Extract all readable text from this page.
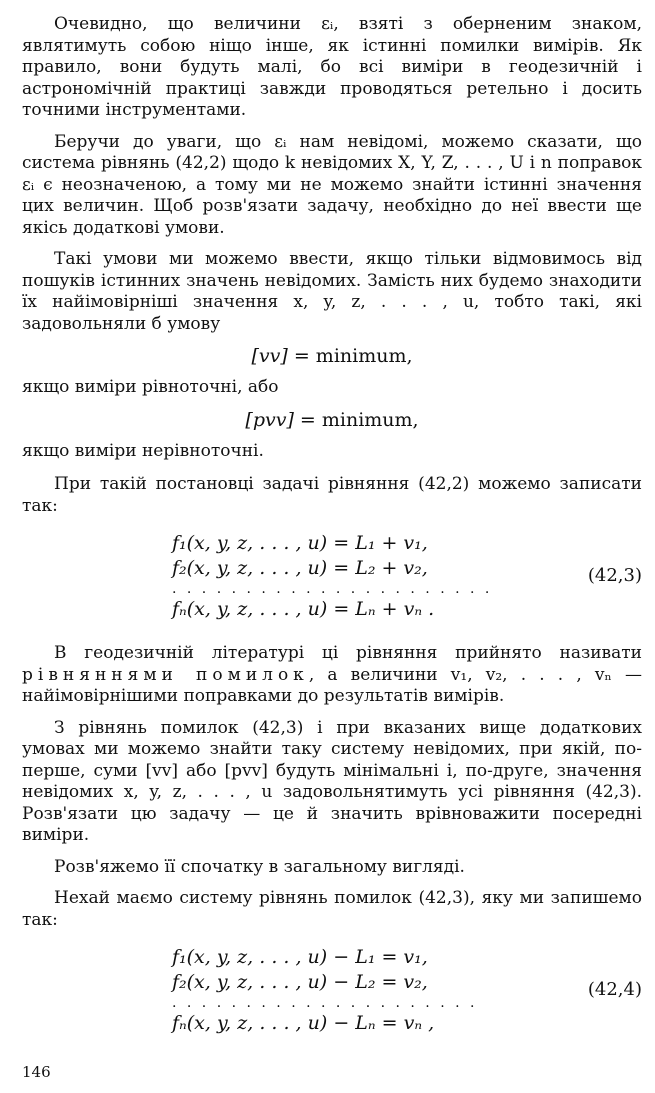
Очевидно, що величини εᵢ, взяті з оберненим знаком, являтимуть собою ніщо інше, як істинні помилки вимірів. Як правило, вони будуть малі, бо всі виміри в геодезичній і астрономічній практиці завжди проводяться ретельно і досить точними інструментами.

Беручи до уваги, що εᵢ нам невідомі, можемо сказати, що система рівнянь (42,2) щодо k невідомих X, Y, Z, . . . , U і n поправок εᵢ є неозначеною, а тому ми не можемо знайти істинні значення цих величин. Щоб розв'язати задачу, необхідно до неї ввести ще якісь додаткові умови.

Такі умови ми можемо ввести, якщо тільки відмовимось від пошуків істинних значень невідомих. Замість них будемо знаходити їх найімовірніші значення x, y, z, . . . , u, тобто такі, які задовольняли б умову

[vv] = minimum,

якщо виміри рівноточні, або

[pvv] = minimum,

якщо виміри нерівноточні.

При такій постановці задачі рівняння (42,2) можемо записати так:

f₁(x, y, z, . . . , u) = L₁ + v₁,
f₂(x, y, z, . . . , u) = L₂ + v₂,
. . . . . . . . . . . . . . . . . . . . . .
fₙ(x, y, z, . . . , u) = Lₙ + vₙ .
(42,3)

В геодезичній літературі ці рівняння прийнято називати рівняннями помилок, а величини v₁, v₂, . . . , vₙ — найімовірнішими поправками до результатів вимірів.

З рівнянь помилок (42,3) і при вказаних вище додаткових умовах ми можемо знайти таку систему невідомих, при якій, по-перше, суми [vv] або [pvv] будуть мінімальні і, по-друге, значення невідомих x, y, z, . . . , u задовольнятимуть усі рівняння (42,3). Розв'язати цю задачу — це й значить врівноважити посередні виміри.

Розв'яжемо її спочатку в загальному вигляді.

Нехай маємо систему рівнянь помилок (42,3), яку ми запишемо так:

f₁(x, y, z, . . . , u) − L₁ = v₁,
f₂(x, y, z, . . . , u) − L₂ = v₂,
. . . . . . . . . . . . . . . . . . . . .
fₙ(x, y, z, . . . , u) − Lₙ = vₙ ,
(42,4)
146
